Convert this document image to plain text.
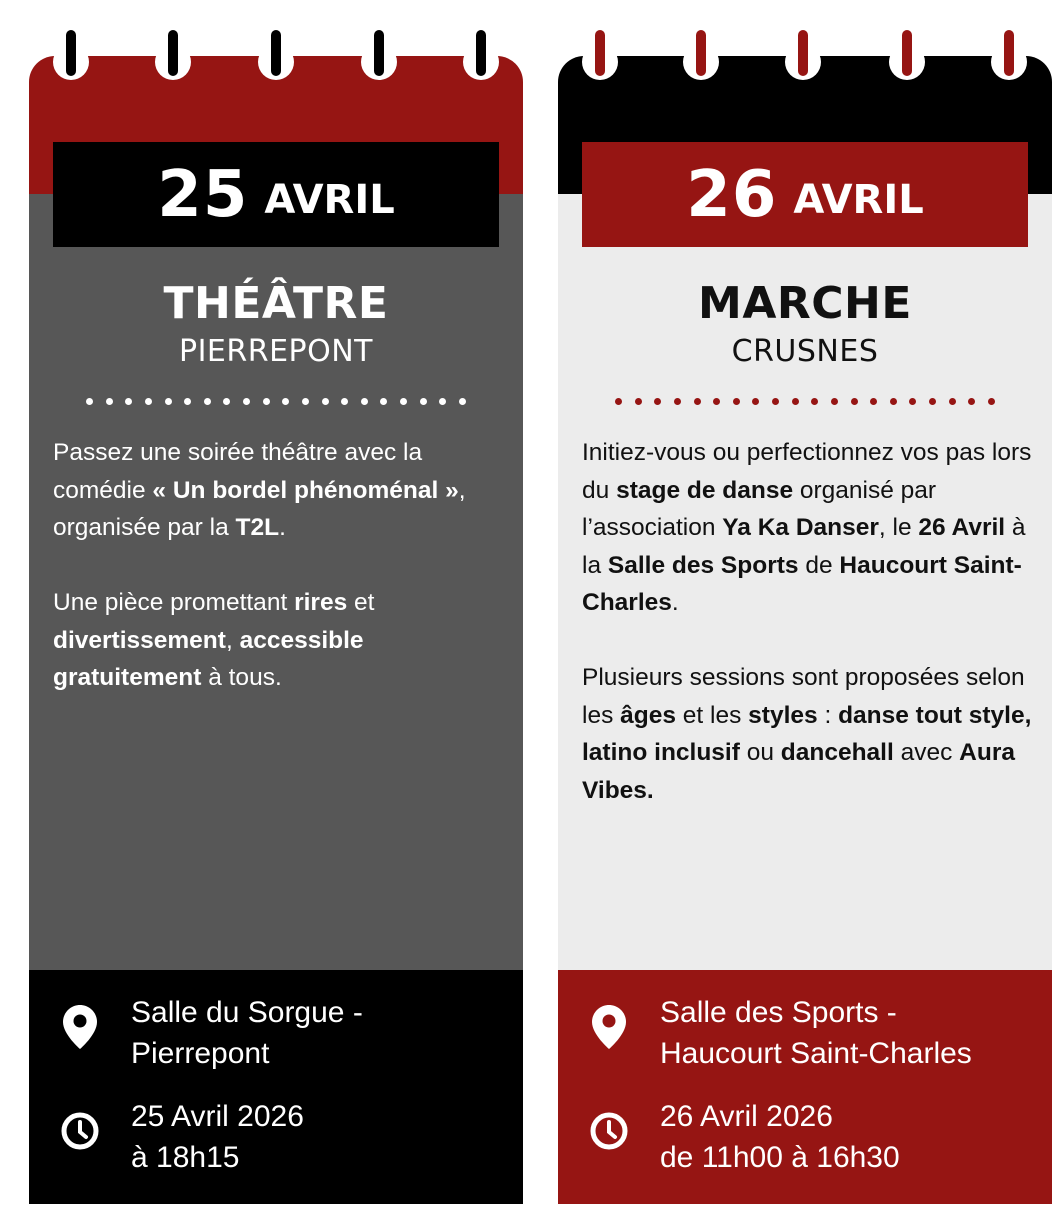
25 AVRIL
THÉÂTRE
PIERREPONT

Passez une soirée théâtre avec la comédie « Un bordel phénoménal », organisée par la T2L.

Une pièce promettant rires et divertissement, accessible gratuitement à tous.

Salle du Sorgue -
Pierrepont
25 Avril 2026
à 18h15
26 AVRIL
MARCHE
CRUSNES

Initiez-vous ou perfectionnez vos pas lors du stage de danse organisé par l’association Ya Ka Danser, le 26 Avril à la Salle des Sports de Haucourt Saint-Charles.

Plusieurs sessions sont proposées selon les âges et les styles : danse tout style, latino inclusif ou dancehall avec Aura Vibes.

Salle des Sports -
Haucourt Saint-Charles
26 Avril 2026
de 11h00 à 16h30
